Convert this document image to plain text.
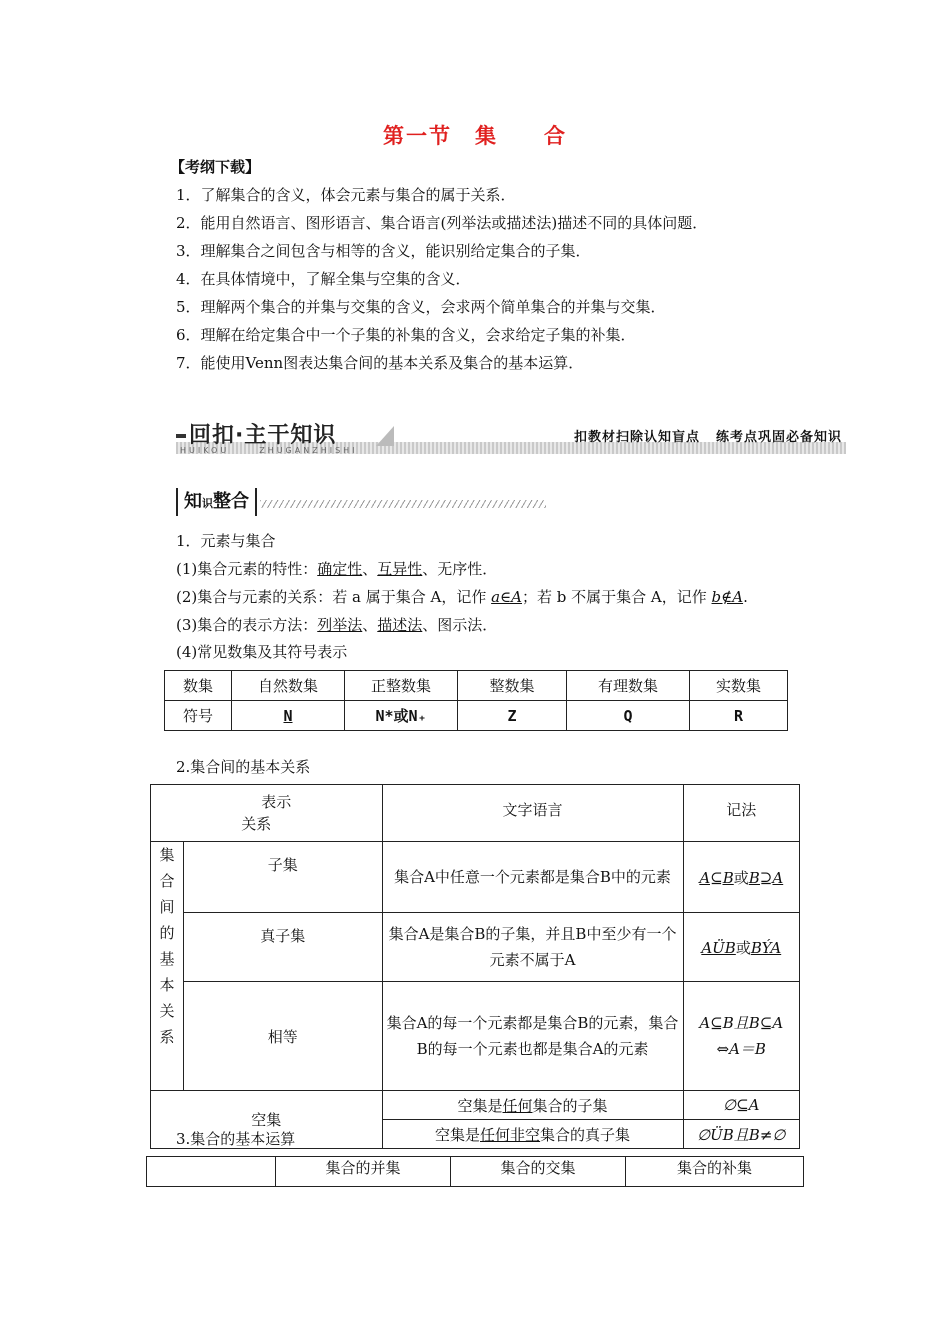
第一节　集　　合
【考纲下载】
1．了解集合的含义，体会元素与集合的属于关系．
2．能用自然语言、图形语言、集合语言(列举法或描述法)描述不同的具体问题．
3．理解集合之间包含与相等的含义，能识别给定集合的子集．
4．在具体情境中，了解全集与空集的含义．
5．理解两个集合的并集与交集的含义，会求两个简单集合的并集与交集．
6．理解在给定集合中一个子集的补集的含义，会求给定子集的补集．
7．能使用Venn图表达集合间的基本关系及集合的基本运算．
回扣·主干知识
HUIKOU	ZHUGANZHISHI
扣教材扫除认知盲点 练考点巩固必备知识
知识整合
1．元素与集合
(1)集合元素的特性：确定性、互异性、无序性．
(2)集合与元素的关系：若 a 属于集合 A，记作 a∈A；若 b 不属于集合 A，记作 b∉A.
(3)集合的表示方法：列举法、描述法、图示法．
(4)常见数集及其符号表示
数集	自然数集	正整数集	整数集	有理数集	实数集
符号	N	N*或N₊	Z	Q	R
2.集合间的基本关系
表示
关系		文字语言	记法
集合间的基本关系	子集	集合A中任意一个元素都是集合B中的元素	A⊆B或B⊇A
	真子集	集合A是集合B的子集，并且B中至少有一个元素不属于A	AÜB或BÝA
	相等	集合A的每一个元素都是集合B的元素，集合B的每一个元素也都是集合A的元素	A⊆B且B⊆A
⇔A＝B

空集		空集是任何集合的子集	∅⊆A
		空集是任何非空集合的真子集	∅ÜB且B≠∅
3.集合的基本运算
	集合的并集	集合的交集	集合的补集
